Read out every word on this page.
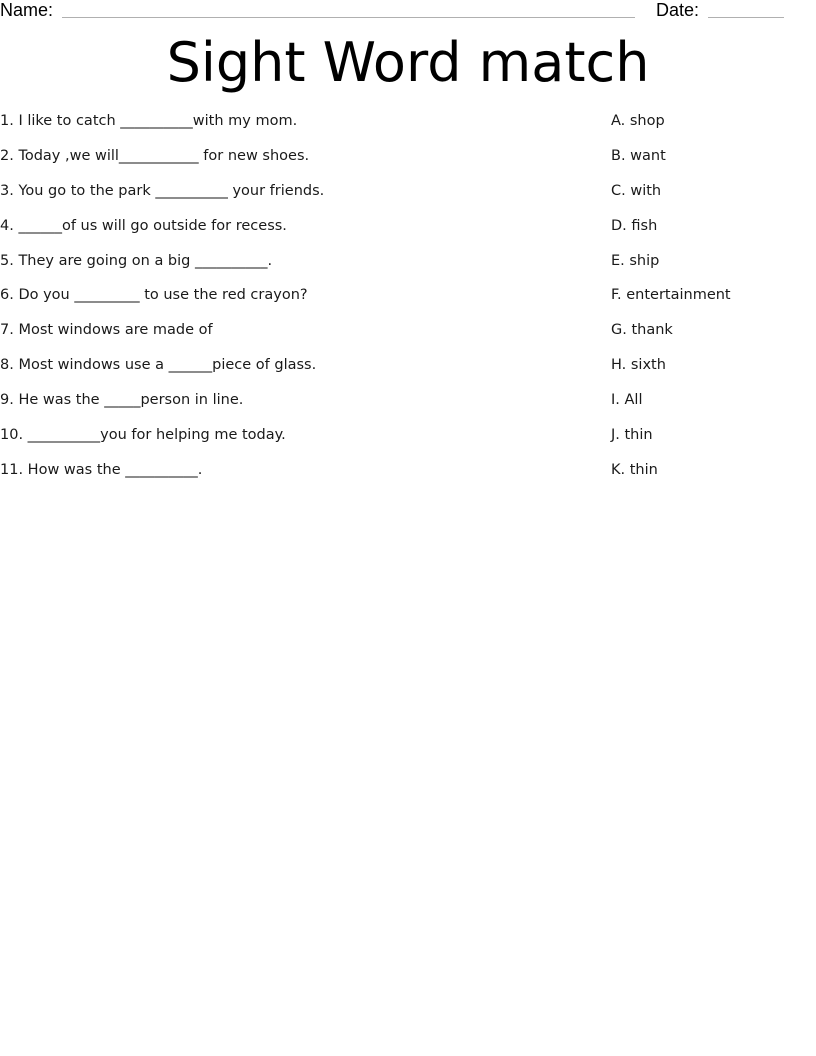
Name:	Date:
Sight Word match
1. I like to catch __________with my mom.
2. Today ,we will___________ for new shoes.
3. You go to the park __________ your friends.
4. ______of us will go outside for recess.
5. They are going on a big __________.
6. Do you _________ to use the red crayon?
7. Most windows are made of
8. Most windows use a ______piece of glass.
9. He was the _____person in line.
10. __________you for helping me today.
11. How was the __________.
A. shop
B. want
C. with
D. fish
E. ship
F. entertainment
G. thank
H. sixth
I. All
J. thin
K. thin
